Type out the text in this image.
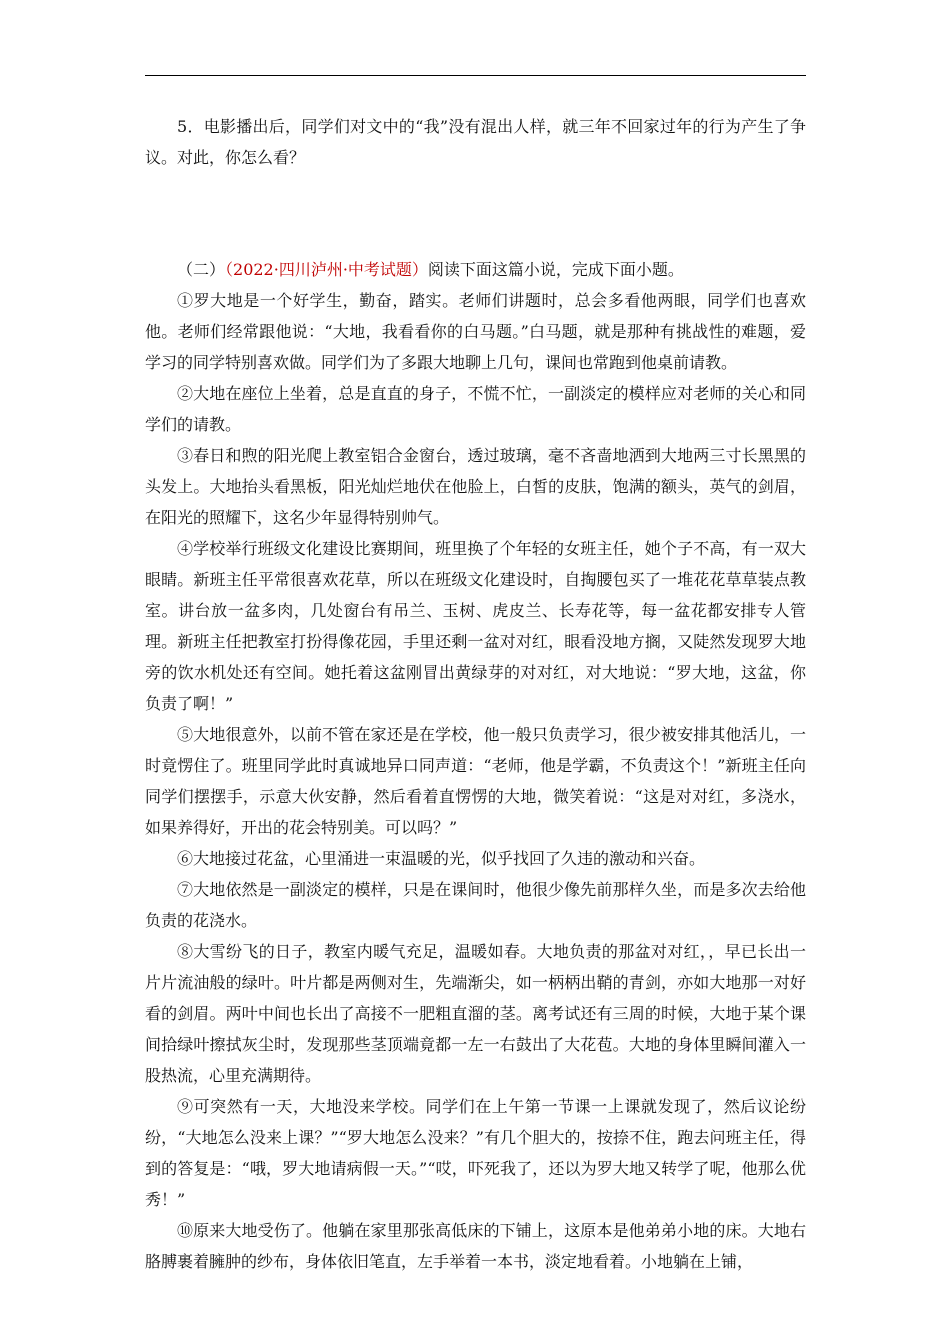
5．电影播出后，同学们对文中的“我”没有混出人样，就三年不回家过年的行为产生了争议。对此，你怎么看？

（二）（2022·四川泸州·中考试题）阅读下面这篇小说，完成下面小题。

①罗大地是一个好学生，勤奋，踏实。老师们讲题时，总会多看他两眼，同学们也喜欢他。老师们经常跟他说：“大地，我看看你的白马题。”白马题，就是那种有挑战性的难题，爱学习的同学特别喜欢做。同学们为了多跟大地聊上几句，课间也常跑到他桌前请教。

②大地在座位上坐着，总是直直的身子，不慌不忙，一副淡定的模样应对老师的关心和同学们的请教。

③春日和煦的阳光爬上教室铝合金窗台，透过玻璃，毫不吝啬地洒到大地两三寸长黑黑的头发上。大地抬头看黑板，阳光灿烂地伏在他脸上，白皙的皮肤，饱满的额头，英气的剑眉，在阳光的照耀下，这名少年显得特别帅气。

④学校举行班级文化建设比赛期间，班里换了个年轻的女班主任，她个子不高，有一双大眼睛。新班主任平常很喜欢花草，所以在班级文化建设时，自掏腰包买了一堆花花草草装点教室。讲台放一盆多肉，几处窗台有吊兰、玉树、虎皮兰、长寿花等，每一盆花都安排专人管理。新班主任把教室打扮得像花园，手里还剩一盆对对红，眼看没地方搁，又陡然发现罗大地旁的饮水机处还有空间。她托着这盆刚冒出黄绿芽的对对红，对大地说：“罗大地，这盆，你负责了啊！”

⑤大地很意外，以前不管在家还是在学校，他一般只负责学习，很少被安排其他活儿，一时竟愣住了。班里同学此时真诚地异口同声道：“老师，他是学霸，不负责这个！”新班主任向同学们摆摆手，示意大伙安静，然后看着直愣愣的大地，微笑着说：“这是对对红，多浇水，如果养得好，开出的花会特别美。可以吗？”

⑥大地接过花盆，心里涌进一束温暖的光，似乎找回了久违的激动和兴奋。

⑦大地依然是一副淡定的模样，只是在课间时，他很少像先前那样久坐，而是多次去给他负责的花浇水。

⑧大雪纷飞的日子，教室内暖气充足，温暖如春。大地负责的那盆对对红，，早已长出一片片流油般的绿叶。叶片都是两侧对生，先端渐尖，如一柄柄出鞘的青剑，亦如大地那一对好看的剑眉。两叶中间也长出了高接不一肥粗直溜的茎。离考试还有三周的时候，大地于某个课间拾绿叶擦拭灰尘时，发现那些茎顶端竟都一左一右鼓出了大花苞。大地的身体里瞬间灌入一股热流，心里充满期待。

⑨可突然有一天，大地没来学校。同学们在上午第一节课一上课就发现了，然后议论纷纷，“大地怎么没来上课？”“罗大地怎么没来？”有几个胆大的，按捺不住，跑去问班主任，得到的答复是：“哦，罗大地请病假一天。”“哎，吓死我了，还以为罗大地又转学了呢，他那么优秀！”

⑩原来大地受伤了。他躺在家里那张高低床的下铺上，这原本是他弟弟小地的床。大地右胳膊裹着臃肿的纱布，身体依旧笔直，左手举着一本书，淡定地看着。小地躺在上铺，
